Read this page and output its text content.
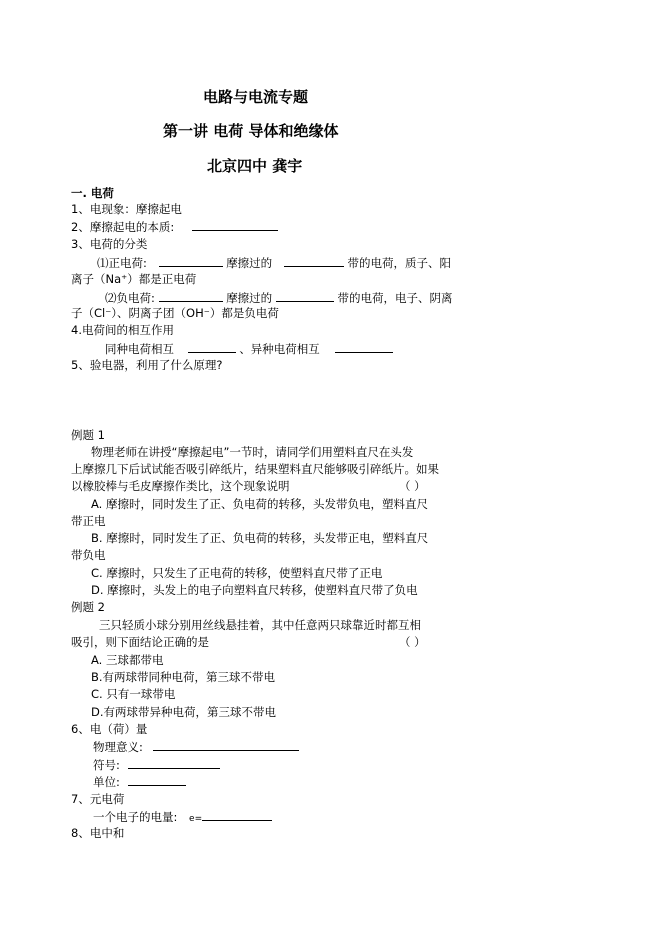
电路与电流专题
第一讲 电荷 导体和绝缘体
北京四中 龚宇
一. 电荷
1、电现象：摩擦起电
2、摩擦起电的本质:
3、电荷的分类
⑴正电荷:	摩擦过的	带的电荷，质子、阳
离子（Na⁺）都是正电荷
⑵负电荷:	摩擦过的	带的电荷，电子、阴离
子（Cl⁻）、阴离子团（OH⁻）都是负电荷
4.电荷间的相互作用
同种电荷相互	、异种电荷相互
5、验电器，利用了什么原理?
例题 1
物理老师在讲授“摩擦起电”一节时，请同学们用塑料直尺在头发
上摩擦几下后试试能否吸引碎纸片，结果塑料直尺能够吸引碎纸片。如果
以橡胶棒与毛皮摩擦作类比，这个现象说明	（ ）
A. 摩擦时，同时发生了正、负电荷的转移，头发带负电，塑料直尺
带正电
B. 摩擦时，同时发生了正、负电荷的转移，头发带正电，塑料直尺
带负电
C. 摩擦时，只发生了正电荷的转移，使塑料直尺带了正电
D. 摩擦时，头发上的电子向塑料直尺转移，使塑料直尺带了负电
例题 2
三只轻质小球分别用丝线悬挂着，其中任意两只球靠近时都互相
吸引，则下面结论正确的是	（ ）
A. 三球都带电
B.有两球带同种电荷，第三球不带电
C. 只有一球带电
D.有两球带异种电荷，第三球不带电
6、电（荷）量
物理意义:
符号:
单位:
7、元电荷
一个电子的电量: e=
8、电中和
